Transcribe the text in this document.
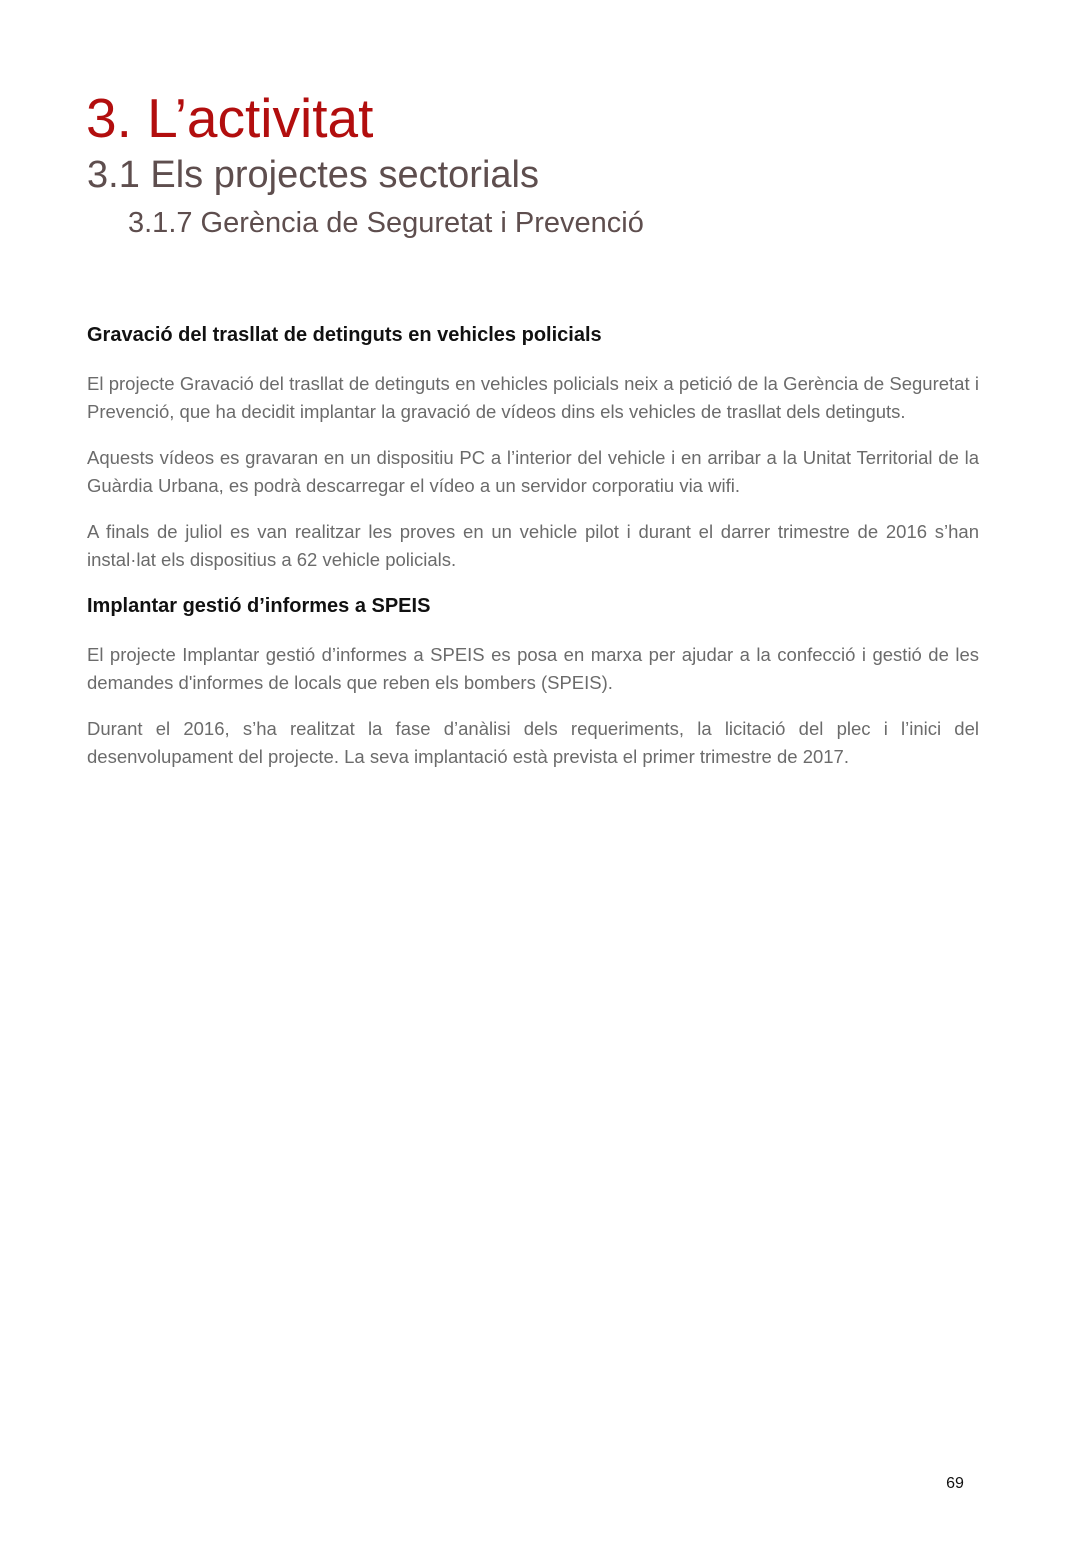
3. L’activitat
3.1 Els projectes sectorials
3.1.7 Gerència de Seguretat i Prevenció
Gravació del trasllat de detinguts en vehicles policials

El projecte Gravació del trasllat de detinguts en vehicles policials neix a petició de la Gerència de Seguretat i Prevenció, que ha decidit implantar la gravació de vídeos dins els vehicles de trasllat dels detinguts.

Aquests vídeos es gravaran en un dispositiu PC a l’interior del vehicle i en arribar a la Unitat Territorial de la Guàrdia Urbana, es podrà descarregar el vídeo a un servidor corporatiu via wifi.

A finals de juliol es van realitzar les proves en un vehicle pilot i durant el darrer trimestre de 2016 s’han instal·lat els dispositius a 62 vehicle policials.

Implantar gestió d’informes a SPEIS

El projecte Implantar gestió d’informes a SPEIS es posa en marxa per ajudar a la confecció i gestió de les demandes d'informes de locals que reben els bombers (SPEIS).

Durant el 2016, s’ha realitzat la fase d’anàlisi dels requeriments, la licitació del plec i l’inici del desenvolupament del projecte. La seva implantació està prevista el primer trimestre de 2017.

69
